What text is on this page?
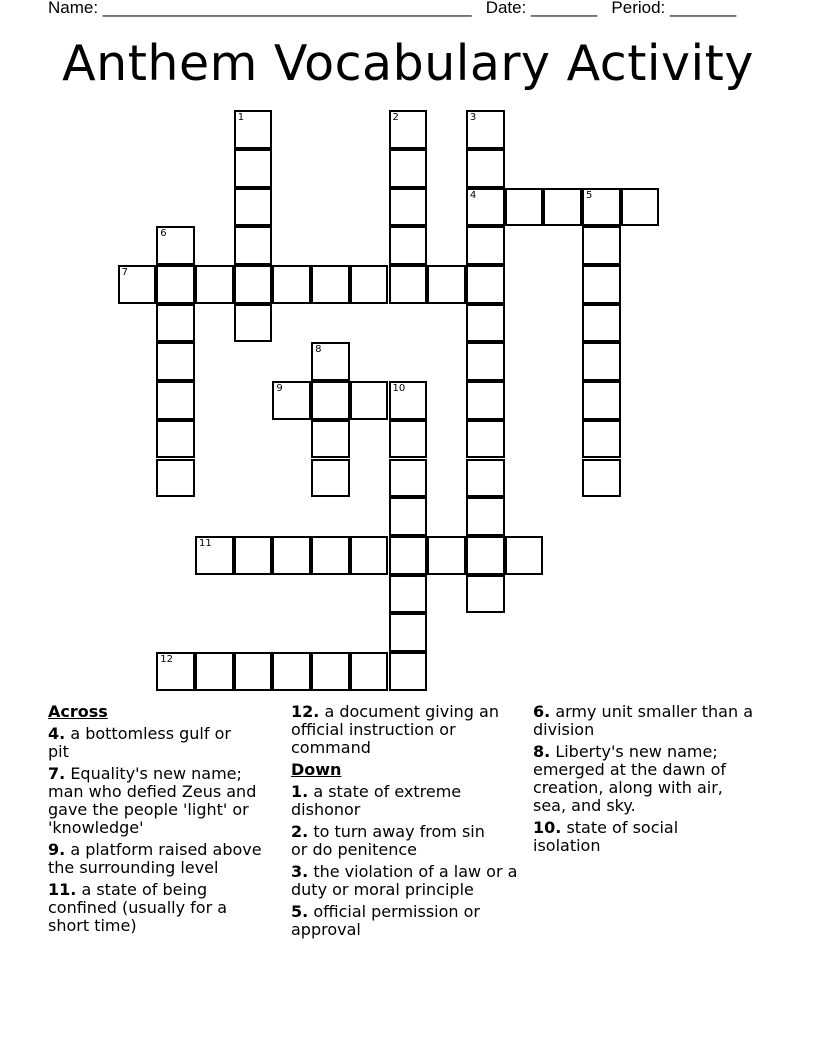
Name: _______________________________________   Date: _______   Period: _______
Anthem Vocabulary Activity
1	2	3
4	5
6
7
8
9	10
11
12
Across
4. a bottomless gulf or pit
7. Equality's new name; man who defied Zeus and gave the people 'light' or 'knowledge'
9. a platform raised above the surrounding level
11. a state of being confined (usually for a short time)
12. a document giving an official instruction or command
Down
1. a state of extreme dishonor
2. to turn away from sin or do penitence
3. the violation of a law or a duty or moral principle
5. official permission or approval
6. army unit smaller than a division
8. Liberty's new name; emerged at the dawn of creation, along with air, sea, and sky.
10. state of social isolation
